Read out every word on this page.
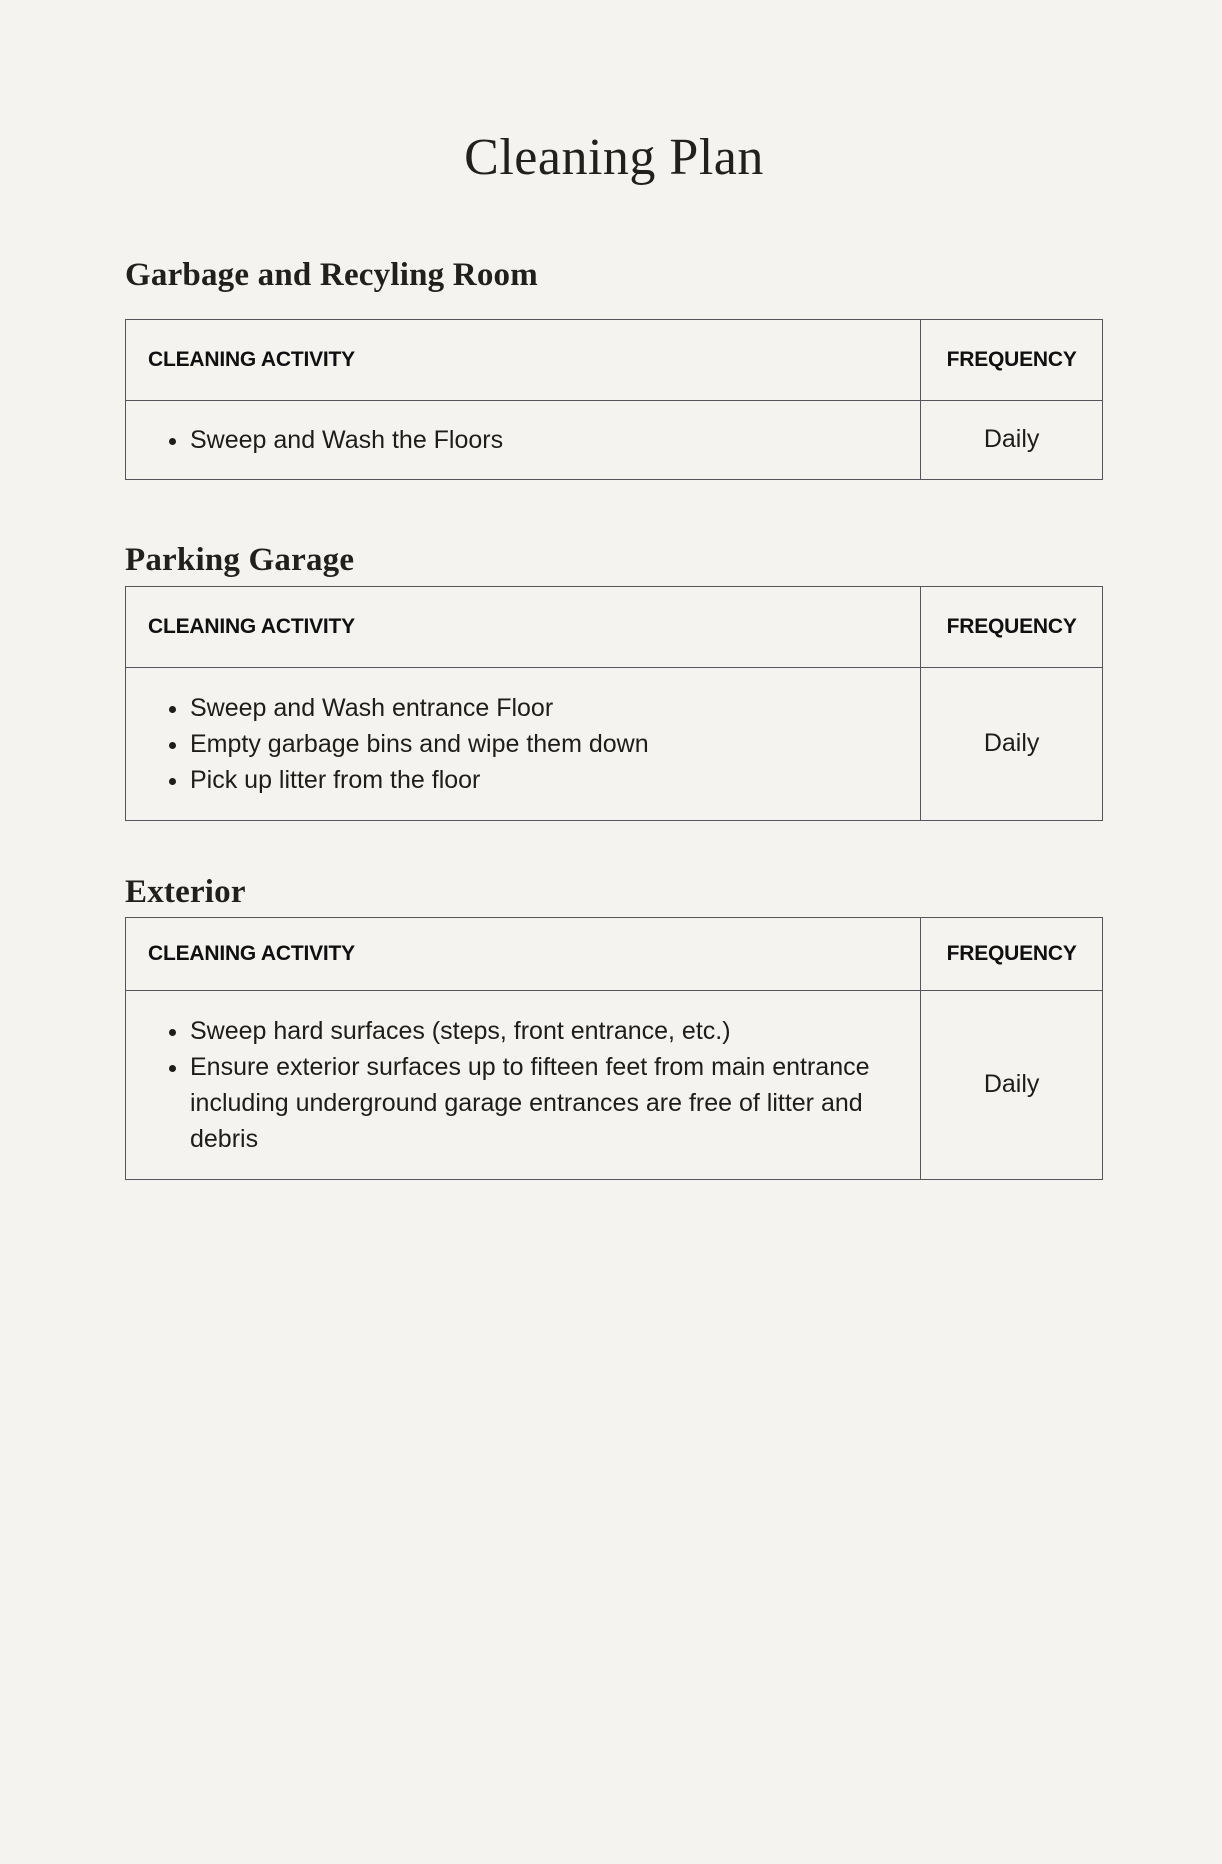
Cleaning Plan
Garbage and Recyling Room
CLEANING ACTIVITY	FREQUENCY

• Sweep and Wash the Floors	Daily
Parking Garage
CLEANING ACTIVITY	FREQUENCY

• Sweep and Wash entrance Floor
• Empty garbage bins and wipe them down
• Pick up litter from the floor
	Daily
Exterior
CLEANING ACTIVITY	FREQUENCY

• Sweep hard surfaces (steps, front entrance, etc.)
• Ensure exterior surfaces up to fifteen feet from main entrance including underground garage entrances are free of litter and debris
	Daily
